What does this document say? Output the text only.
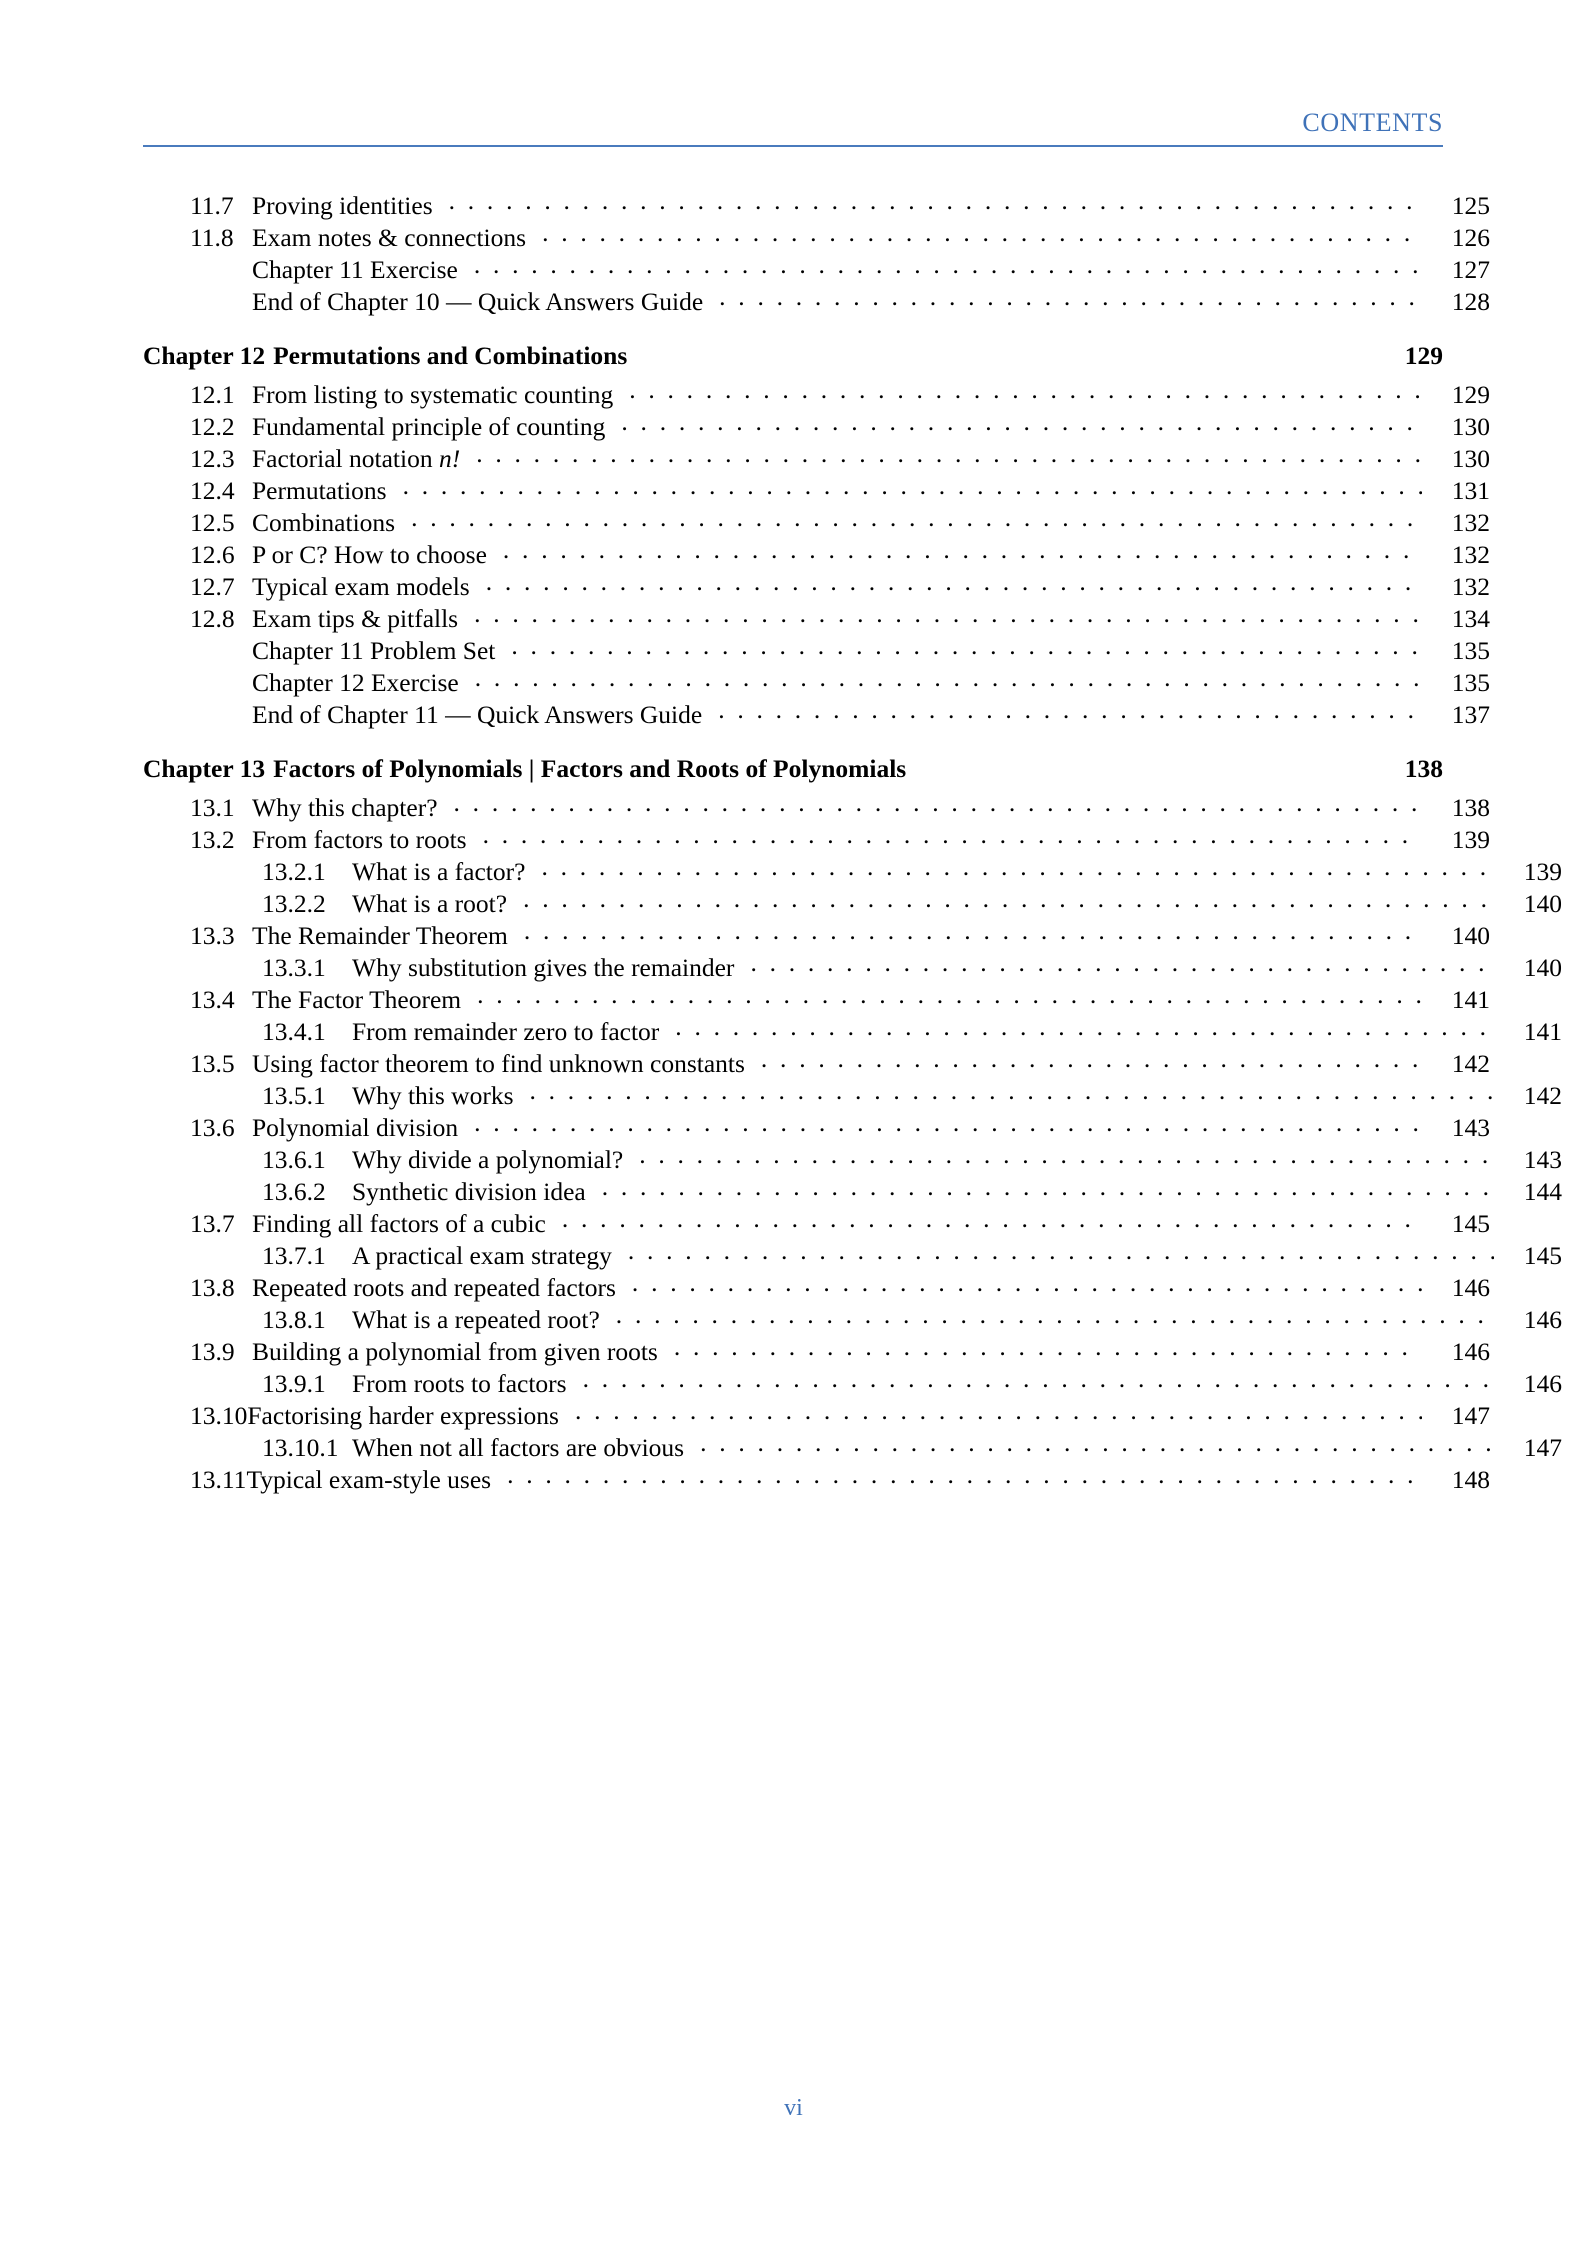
CONTENTS
11.7 Proving identities . . .	125
11.8 Exam notes & connections . . .	126
Chapter 11 Exercise . . .	127
End of Chapter 10 — Quick Answers Guide . . .	128
Chapter 12 Permutations and Combinations	129
12.1 From listing to systematic counting . . .	129
12.2 Fundamental principle of counting . . .	130
12.3 Factorial notation n! . . .	130
12.4 Permutations . . .	131
12.5 Combinations . . .	132
12.6 P or C? How to choose . . .	132
12.7 Typical exam models . . .	132
12.8 Exam tips & pitfalls . . .	134
Chapter 11 Problem Set . . .	135
Chapter 12 Exercise . . .	135
End of Chapter 11 — Quick Answers Guide . . .	137
Chapter 13 Factors of Polynomials | Factors and Roots of Polynomials	138
13.1 Why this chapter? . . .	138
13.2 From factors to roots . . .	139
13.2.1	What is a factor? . . .	139
13.2.2	What is a root? . . .	140
13.3 The Remainder Theorem . . .	140
13.3.1	Why substitution gives the remainder . . .	140
13.4 The Factor Theorem . . .	141
13.4.1	From remainder zero to factor . . .	141
13.5 Using factor theorem to find unknown constants . . .	142
13.5.1	Why this works . . .	142
13.6 Polynomial division . . .	143
13.6.1	Why divide a polynomial? . . .	143
13.6.2	Synthetic division idea . . .	144
13.7 Finding all factors of a cubic . . .	145
13.7.1	A practical exam strategy . . .	145
13.8 Repeated roots and repeated factors . . .	146
13.8.1	What is a repeated root? . . .	146
13.9 Building a polynomial from given roots . . .	146
13.9.1	From roots to factors . . .	146
13.10 Factorising harder expressions . . .	147
13.10.1 When not all factors are obvious . . .	147
13.11 Typical exam-style uses . . .	148
vi
